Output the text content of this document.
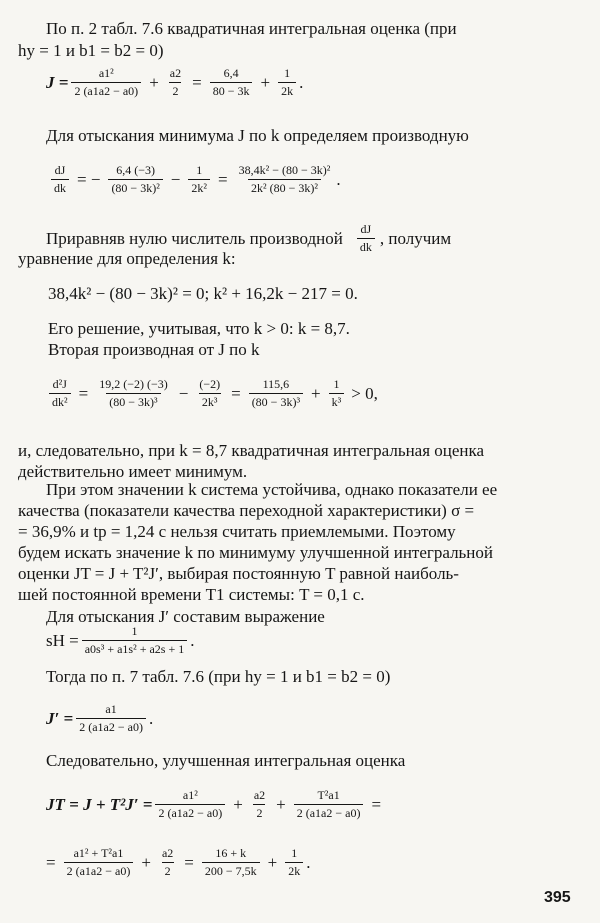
По п. 2 табл. 7.6 квадратичная интегральная оценка (при
hу = 1 и b1 = b2 = 0)
$J = \frac{\text{a1²}}{2 (a1a2 - a0)} + \frac{a2}{2} = \frac{6,4}{80 - 3k} + \frac{1}{2k}$ .
Для отыскания минимума J по k определяем производную
$\frac{dJ}{dk}$ = − $\frac{6,4 (-3)}{\text{(80 − 3k)²}} - \frac{1}{\text{2k²}} = \frac{\text{38,4k² − (80 − 3k)²}}{\text{2k² (80 − 3k)²}}$ .
Приравняв нулю числитель производной $\frac{dJ}{dk}$ , получим
уравнение для определения k:
38,4k² − (80 − 3k)² = 0; k² + 16,2k − 217 = 0.
Его решение, учитывая, что k > 0: k = 8,7.
Вторая производная от J по k
$\frac{\text{d²J}}{\text{dk²}} = \frac{19,2 (-2) (-3)}{\text{(80 − 3k)³}} - \frac{(-2)}{\text{2k³}} = \frac{115,6}{\text{(80 − 3k)³}} + \frac{1}{\text{k³}} > 0$,
и, следовательно, при k = 8,7 квадратичная интегральная оценка
действительно имеет минимум.
При этом значении k система устойчива, однако показатели ее
качества (показатели качества переходной характеристики) σ =
= 36,9% и tр = 1,24 с нельзя считать приемлемыми. Поэтому
будем искать значение k по минимуму улучшенной интегральной
оценки JT = J + T²J′, выбирая постоянную T равной наиболь-
шей постоянной времени T1 системы: T = 0,1 с.
Для отыскания J′ составим выражение
sH = $\frac{1}{\text{a0s³ + a1s² + a2s + 1}}$ .
Тогда по п. 7 табл. 7.6 (при hу = 1 и b1 = b2 = 0)
$J' = \frac{a1}{2 (a1a2 - a0)}$ .
Следовательно, улучшенная интегральная оценка
JT = $J + T^2J' = \frac{\text{a1²}}{2 (a1a2 - a0)} + \frac{a2}{2} + \frac{\text{T²a1}}{2 (a1a2 - a0)}$ =
= $\frac{\text{a1² + T²a1}}{2 (a1a2 - a0)} + \frac{a2}{2} = \frac{16 + k}{200 - 7,5k} + \frac{1}{2k}$ .
395
